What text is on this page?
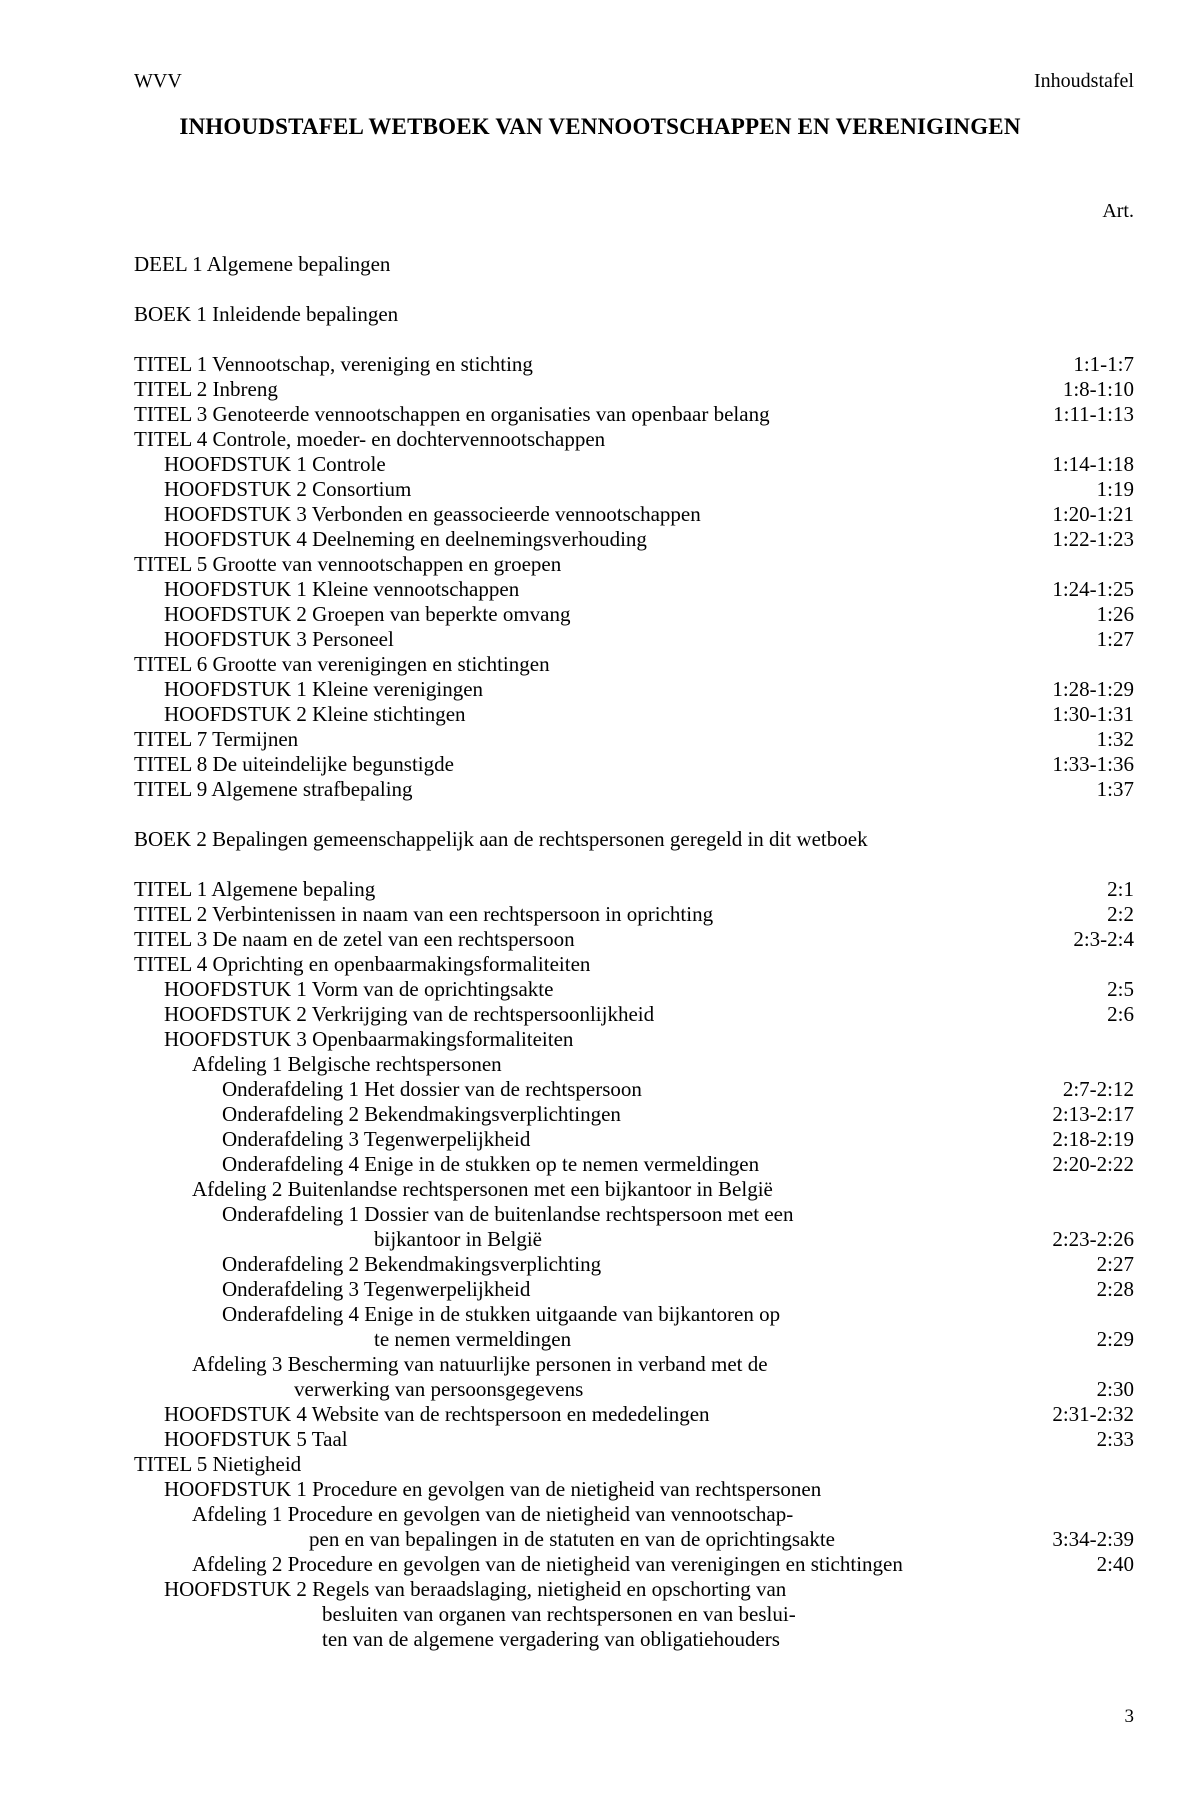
WVV	Inhoudstafel
INHOUDSTAFEL WETBOEK VAN VENNOOTSCHAPPEN EN VERENIGINGEN
Art.
DEEL 1 Algemene bepalingen
BOEK 1 Inleidende bepalingen
TITEL 1 Vennootschap, vereniging en stichting	1:1-1:7
TITEL 2 Inbreng	1:8-1:10
TITEL 3 Genoteerde vennootschappen en organisaties van openbaar belang	1:11-1:13
TITEL 4 Controle, moeder- en dochtervennootschappen
HOOFDSTUK 1 Controle	1:14-1:18
HOOFDSTUK 2 Consortium	1:19
HOOFDSTUK 3 Verbonden en geassocieerde vennootschappen	1:20-1:21
HOOFDSTUK 4 Deelneming en deelnemingsverhouding	1:22-1:23
TITEL 5 Grootte van vennootschappen en groepen
HOOFDSTUK 1 Kleine vennootschappen	1:24-1:25
HOOFDSTUK 2 Groepen van beperkte omvang	1:26
HOOFDSTUK 3 Personeel	1:27
TITEL 6 Grootte van verenigingen en stichtingen
HOOFDSTUK 1 Kleine verenigingen	1:28-1:29
HOOFDSTUK 2 Kleine stichtingen	1:30-1:31
TITEL 7 Termijnen	1:32
TITEL 8 De uiteindelijke begunstigde	1:33-1:36
TITEL 9 Algemene strafbepaling	1:37
BOEK 2 Bepalingen gemeenschappelijk aan de rechtspersonen geregeld in dit wetboek
TITEL 1 Algemene bepaling	2:1
TITEL 2 Verbintenissen in naam van een rechtspersoon in oprichting	2:2
TITEL 3 De naam en de zetel van een rechtspersoon	2:3-2:4
TITEL 4 Oprichting en openbaarmakingsformaliteiten
HOOFDSTUK 1 Vorm van de oprichtingsakte	2:5
HOOFDSTUK 2 Verkrijging van de rechtspersoonlijkheid	2:6
HOOFDSTUK 3 Openbaarmakingsformaliteiten
Afdeling 1 Belgische rechtspersonen
Onderafdeling 1 Het dossier van de rechtspersoon	2:7-2:12
Onderafdeling 2 Bekendmakingsverplichtingen	2:13-2:17
Onderafdeling 3 Tegenwerpelijkheid	2:18-2:19
Onderafdeling 4 Enige in de stukken op te nemen vermeldingen	2:20-2:22
Afdeling 2 Buitenlandse rechtspersonen met een bijkantoor in België
Onderafdeling 1 Dossier van de buitenlandse rechtspersoon met een
bijkantoor in België	2:23-2:26
Onderafdeling 2 Bekendmakingsverplichting	2:27
Onderafdeling 3 Tegenwerpelijkheid	2:28
Onderafdeling 4 Enige in de stukken uitgaande van bijkantoren op
te nemen vermeldingen	2:29
Afdeling 3 Bescherming van natuurlijke personen in verband met de
verwerking van persoonsgegevens	2:30
HOOFDSTUK 4 Website van de rechtspersoon en mededelingen	2:31-2:32
HOOFDSTUK 5 Taal	2:33
TITEL 5 Nietigheid
HOOFDSTUK 1 Procedure en gevolgen van de nietigheid van rechtspersonen
Afdeling 1 Procedure en gevolgen van de nietigheid van vennootschap-
pen en van bepalingen in de statuten en van de oprichtingsakte	3:34-2:39
Afdeling 2 Procedure en gevolgen van de nietigheid van verenigingen en stichtingen	2:40
HOOFDSTUK 2 Regels van beraadslaging, nietigheid en opschorting van
besluiten van organen van rechtspersonen en van beslui-
ten van de algemene vergadering van obligatiehouders
3
